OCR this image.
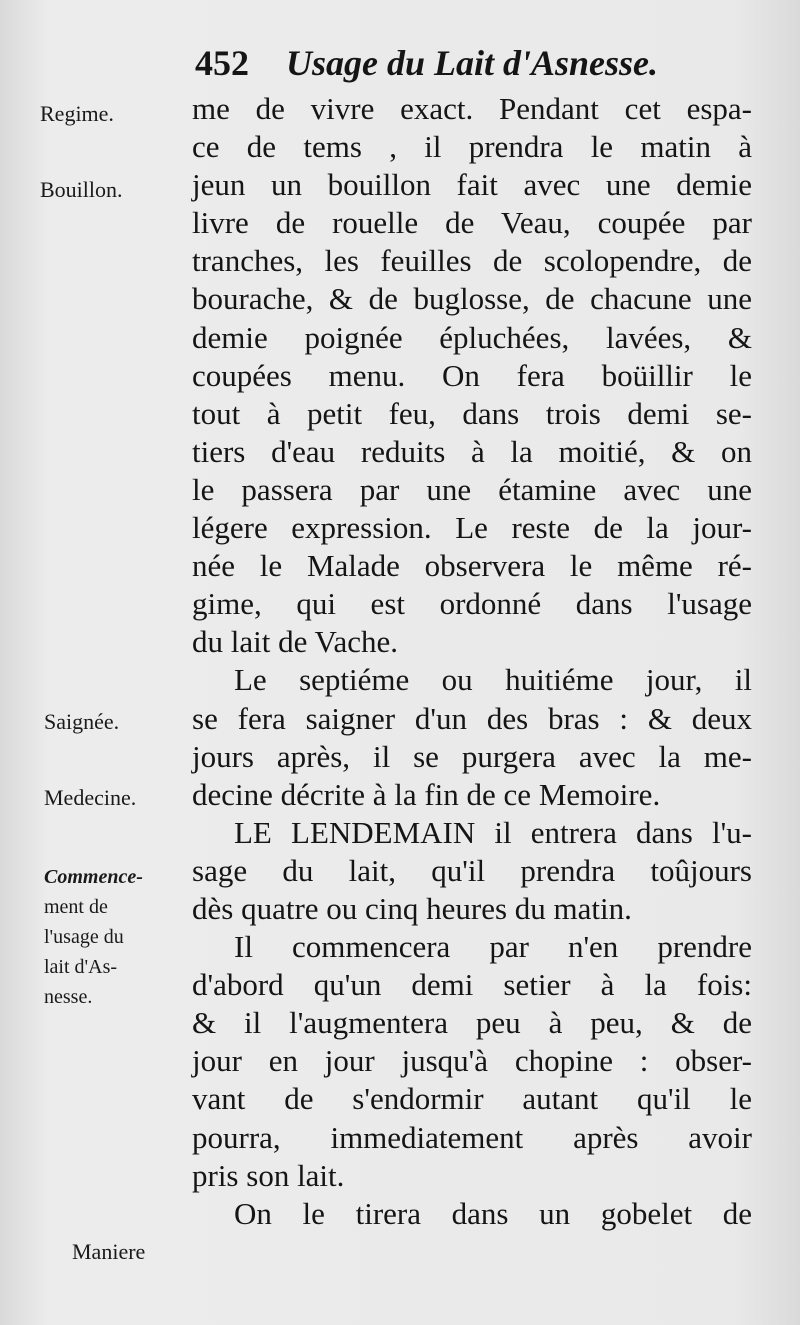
452 Usage du Lait d'Asnesse.
Regime.
Bouillon.
Saignée.
Medecine.
Commence-
ment de
l'usage du
lait d'As-
nesse.
Maniere
me de vivre exact. Pendant cet espa-
ce de tems , il prendra le matin à
jeun un bouillon fait avec une demie
livre de rouelle de Veau, coupée par
tranches, les feuilles de scolopendre, de
bourache, & de buglosse, de chacune une
demie poignée épluchées, lavées, &
coupées menu. On fera boüillir le
tout à petit feu, dans trois demi se-
tiers d'eau reduits à la moitié, & on
le passera par une étamine avec une
légere expression. Le reste de la jour-
née le Malade observera le même ré-
gime, qui est ordonné dans l'usage
du lait de Vache.
Le septiéme ou huitiéme jour, il
se fera saigner d'un des bras : & deux
jours après, il se purgera avec la me-
decine décrite à la fin de ce Memoire.
LE LENDEMAIN il entrera dans l'u-
sage du lait, qu'il prendra toûjours
dès quatre ou cinq heures du matin.
Il commencera par n'en prendre
d'abord qu'un demi setier à la fois:
& il l'augmentera peu à peu, & de
jour en jour jusqu'à chopine : obser-
vant de s'endormir autant qu'il le
pourra, immediatement après avoir
pris son lait.
On le tirera dans un gobelet de
